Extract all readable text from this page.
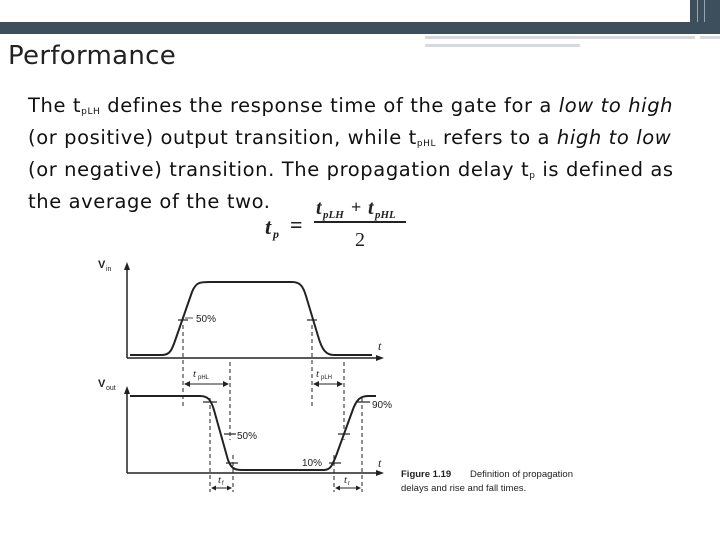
Performance
The $t_{pLH}$ defines the response time of the gate for a low to high (or positive) output transition, while $t_{pHL}$ refers to a high to low (or negative) transition. The propagation delay $t_p$ is defined as the average of the two.
t p =
t pLH + t pHL
2
V in
50%
t
V out
50%
90%
10%
t pHL	t pLH
t f	t r
t
Figure 1.19 Definition of propagation
delays and rise and fall times.
